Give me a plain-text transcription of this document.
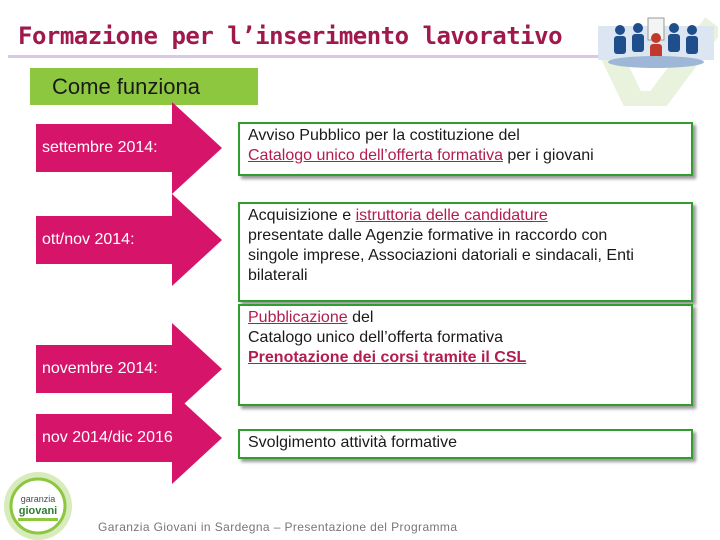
Formazione per l’inserimento lavorativo
Come funziona
settembre 2014:
Avviso Pubblico per la costituzione del
Catalogo unico dell’offerta formativa per i giovani
ott/nov 2014:
Acquisizione e istruttoria delle candidature
presentate dalle Agenzie formative in raccordo con
singole imprese, Associazioni datoriali e sindacali, Enti
bilaterali
novembre 2014:
Pubblicazione del
Catalogo unico dell’offerta formativa
Prenotazione dei corsi tramite il CSL
nov 2014/dic 2016	Svolgimento attività formative
garanzia
giovani
Garanzia Giovani in Sardegna – Presentazione del Programma
